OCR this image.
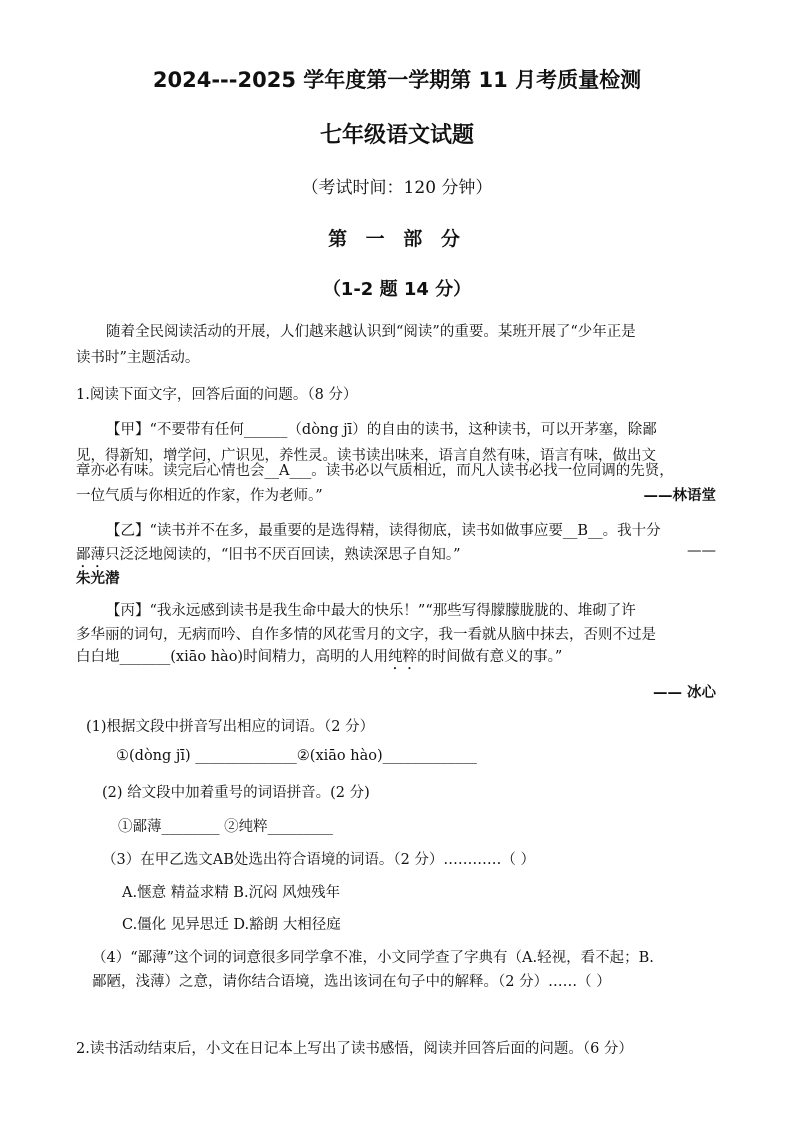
2024---2025 学年度第一学期第 11 月考质量检测
七年级语文试题
（考试时间：120 分钟）
第 一 部 分
（1-2 题 14 分）
随着全民阅读活动的开展，人们越来越认识到“阅读”的重要。某班开展了“少年正是
读书时”主题活动。
1.阅读下面文字，回答后面的问题。（8 分）
【甲】“不要带有任何______（dòng jī）的自由的读书，这种读书，可以开茅塞，除鄙
见，得新知，增学问，广识见，养性灵。读书读出味来，语言自然有味，语言有味，做出文
章亦必有味。读完后心情也会__A___。读书必以气质相近，而凡人读书必找一位同调的先贤，
一位气质与你相近的作家，作为老师。”	——林语堂
【乙】“读书并不在多，最重要的是选得精，读得彻底，读书如做事应要__B__。我十分
鄙薄只泛泛地阅读的，“旧书不厌百回读，熟读深思子自知。”	——
朱光潜
【丙】“我永远感到读书是我生命中最大的快乐！”“那些写得朦朦胧胧的、堆砌了许
多华丽的词句，无病而吟、自作多情的风花雪月的文字，我一看就从脑中抹去，否则不过是
白白地_______(xiāo hào)时间精力，高明的人用纯粹的时间做有意义的事。”
—— 冰心
(1)根据文段中拼音写出相应的词语。（2 分）
①(dòng jī) ______________②(xiāo hào)_____________
(2) 给文段中加着重号的词语拼音。(2 分)
①鄙薄________ ②纯粹_________
（3）在甲乙选文AB处选出符合语境的词语。（2 分）…………（ ）
A.惬意 精益求精 B.沉闷 风烛残年
C.僵化 见异思迁 D.豁朗 大相径庭
（4）“鄙薄”这个词的词意很多同学拿不准，小文同学查了字典有（A.轻视，看不起；B.
鄙陋，浅薄）之意，请你结合语境，选出该词在句子中的解释。（2 分）……（ ）
2.读书活动结束后，小文在日记本上写出了读书感悟，阅读并回答后面的问题。（6 分）
